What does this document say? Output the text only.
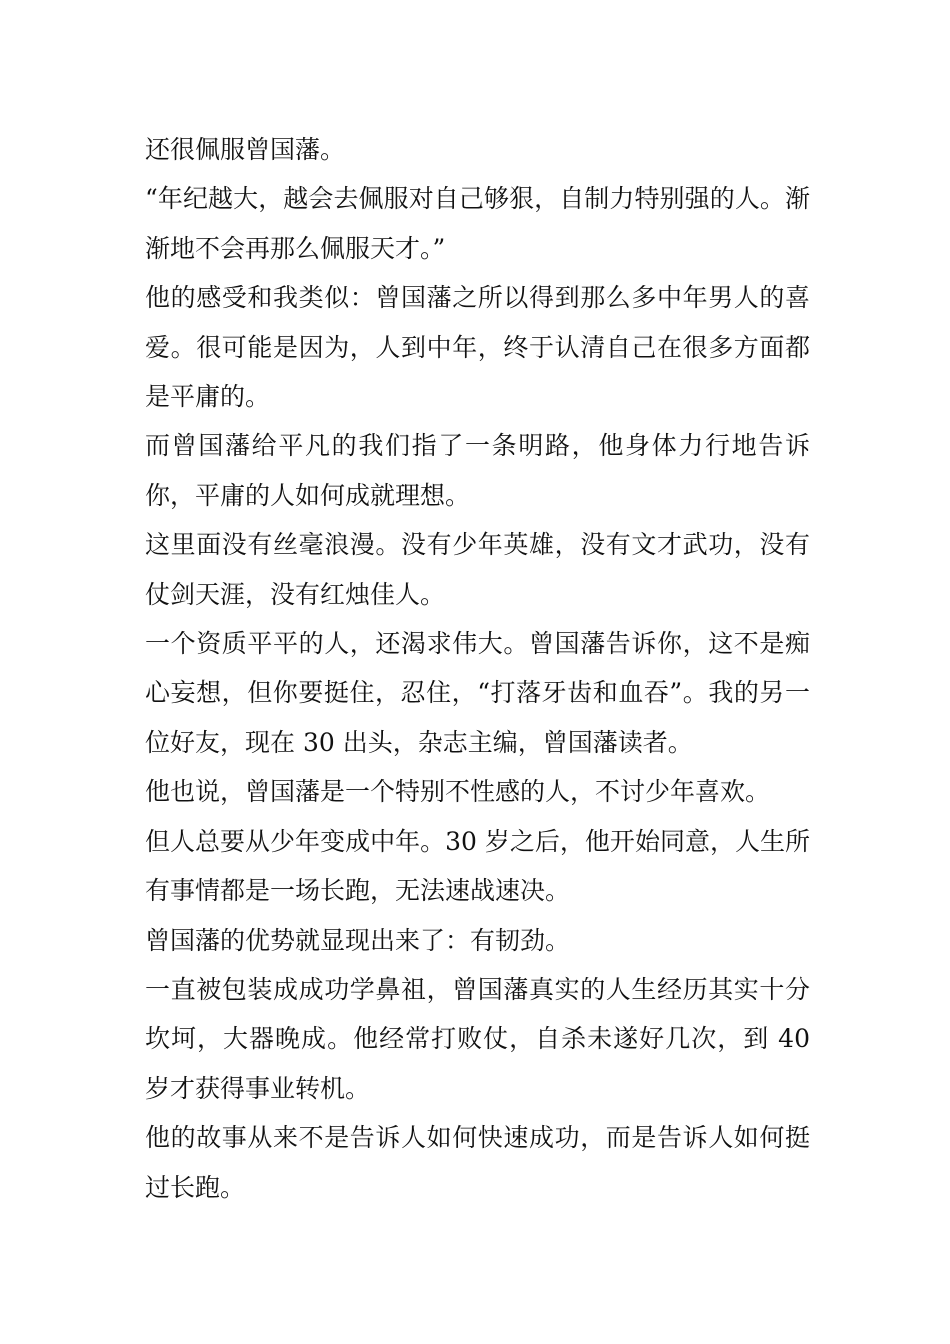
还很佩服曾国藩。

“年纪越大，越会去佩服对自己够狠，自制力特别强的人。渐渐地不会再那么佩服天才。”

他的感受和我类似：曾国藩之所以得到那么多中年男人的喜爱。很可能是因为，人到中年，终于认清自己在很多方面都是平庸的。

而曾国藩给平凡的我们指了一条明路，他身体力行地告诉你，平庸的人如何成就理想。

这里面没有丝毫浪漫。没有少年英雄，没有文才武功，没有仗剑天涯，没有红烛佳人。

一个资质平平的人，还渴求伟大。曾国藩告诉你，这不是痴心妄想，但你要挺住，忍住，“打落牙齿和血吞”。我的另一位好友，现在 30 出头，杂志主编，曾国藩读者。

他也说，曾国藩是一个特别不性感的人，不讨少年喜欢。

但人总要从少年变成中年。30 岁之后，他开始同意，人生所有事情都是一场长跑，无法速战速决。

曾国藩的优势就显现出来了：有韧劲。

一直被包装成成功学鼻祖，曾国藩真实的人生经历其实十分坎坷，大器晚成。他经常打败仗，自杀未遂好几次，到 40 岁才获得事业转机。

他的故事从来不是告诉人如何快速成功，而是告诉人如何挺过长跑。
